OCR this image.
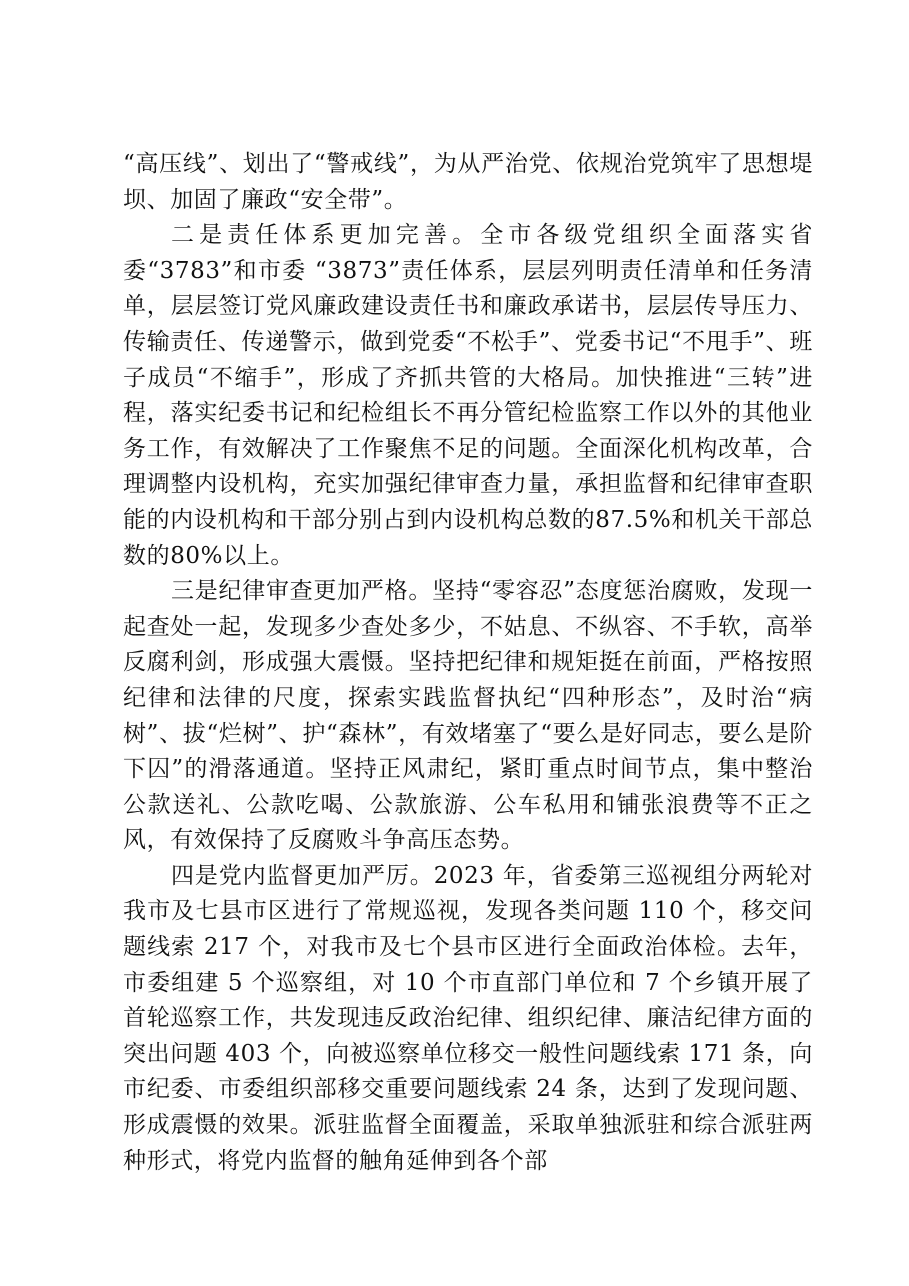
“高压线”、划出了“警戒线”，为从严治党、依规治党筑牢了思想堤坝、加固了廉政“安全带”。

二是责任体系更加完善。全市各级党组织全面落实省委“3783”和市委 “3873”责任体系，层层列明责任清单和任务清单，层层签订党风廉政建设责任书和廉政承诺书，层层传导压力、传输责任、传递警示，做到党委“不松手”、党委书记“不甩手”、班子成员“不缩手”，形成了齐抓共管的大格局。加快推进“三转”进程，落实纪委书记和纪检组长不再分管纪检监察工作以外的其他业务工作，有效解决了工作聚焦不足的问题。全面深化机构改革，合理调整内设机构，充实加强纪律审查力量，承担监督和纪律审查职能的内设机构和干部分别占到内设机构总数的87.5%和机关干部总数的80%以上。

三是纪律审查更加严格。坚持“零容忍”态度惩治腐败，发现一起查处一起，发现多少查处多少，不姑息、不纵容、不手软，高举反腐利剑，形成强大震慑。坚持把纪律和规矩挺在前面，严格按照纪律和法律的尺度，探索实践监督执纪“四种形态”，及时治“病树”、拔“烂树”、护“森林”，有效堵塞了“要么是好同志，要么是阶下囚”的滑落通道。坚持正风肃纪，紧盯重点时间节点，集中整治公款送礼、公款吃喝、公款旅游、公车私用和铺张浪费等不正之风，有效保持了反腐败斗争高压态势。

四是党内监督更加严厉。2023 年，省委第三巡视组分两轮对我市及七县市区进行了常规巡视，发现各类问题 110 个，移交问题线索 217 个，对我市及七个县市区进行全面政治体检。去年，市委组建 5 个巡察组，对 10 个市直部门单位和 7 个乡镇开展了首轮巡察工作，共发现违反政治纪律、组织纪律、廉洁纪律方面的突出问题 403 个，向被巡察单位移交一般性问题线索 171 条，向市纪委、市委组织部移交重要问题线索 24 条，达到了发现问题、形成震慑的效果。派驻监督全面覆盖，采取单独派驻和综合派驻两种形式，将党内监督的触角延伸到各个部
